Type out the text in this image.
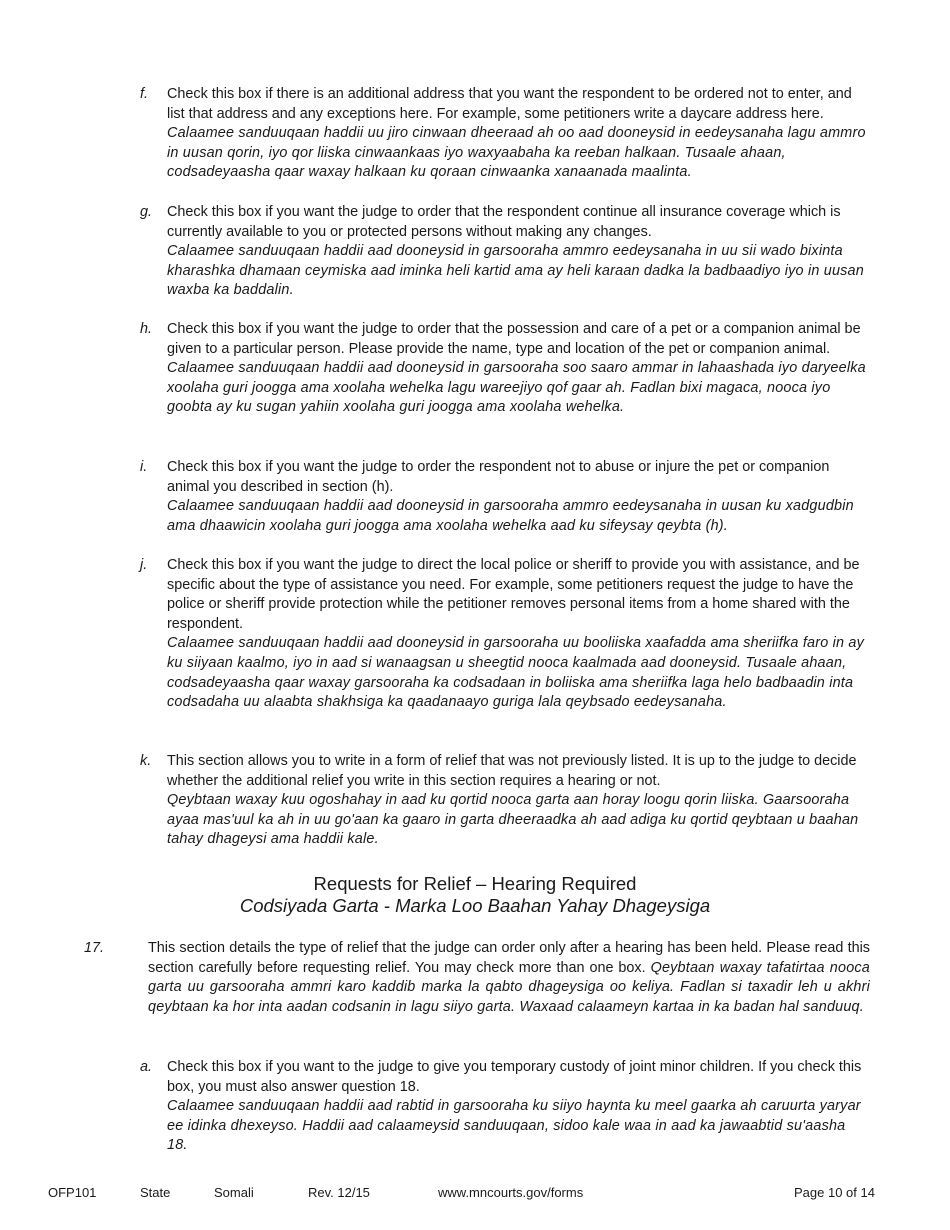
f. Check this box if there is an additional address that you want the respondent to be ordered not to enter, and list that address and any exceptions here. For example, some petitioners write a daycare address here.
Calaamee sanduuqaan haddii uu jiro cinwaan dheeraad ah oo aad dooneysid in eedeysanaha lagu ammro in uusan qorin, iyo qor liiska cinwaankaas iyo waxyaabaha ka reeban halkaan. Tusaale ahaan, codsadeyaasha qaar waxay halkaan ku qoraan cinwaanka xanaanada maalinta.
g. Check this box if you want the judge to order that the respondent continue all insurance coverage which is currently available to you or protected persons without making any changes.
Calaamee sanduuqaan haddii aad dooneysid in garsooraha ammro eedeysanaha in uu sii wado bixinta kharashka dhamaan ceymiska aad iminka heli kartid ama ay heli karaan dadka la badbaadiyo iyo in uusan waxba ka baddalin.
h. Check this box if you want the judge to order that the possession and care of a pet or a companion animal be given to a particular person. Please provide the name, type and location of the pet or companion animal.
Calaamee sanduuqaan haddii aad dooneysid in garsooraha soo saaro ammar in lahaashada iyo daryeelka xoolaha guri joogga ama xoolaha wehelka lagu wareejiyo qof gaar ah. Fadlan bixi magaca, nooca iyo goobta ay ku sugan yahiin xoolaha guri joogga ama xoolaha wehelka.
i. Check this box if you want the judge to order the respondent not to abuse or injure the pet or companion animal you described in section (h).
Calaamee sanduuqaan haddii aad dooneysid in garsooraha ammro eedeysanaha in uusan ku xadgudbin ama dhaawicin xoolaha guri joogga ama xoolaha wehelka aad ku sifeysay qeybta (h).
j. Check this box if you want the judge to direct the local police or sheriff to provide you with assistance, and be specific about the type of assistance you need. For example, some petitioners request the judge to have the police or sheriff provide protection while the petitioner removes personal items from a home shared with the respondent.
Calaamee sanduuqaan haddii aad dooneysid in garsooraha uu booliiska xaafadda ama sheriifka faro in ay ku siiyaan kaalmo, iyo in aad si wanaagsan u sheegtid nooca kaalmada aad dooneysid. Tusaale ahaan, codsadeyaasha qaar waxay garsooraha ka codsadaan in boliiska ama sheriifka laga helo badbaadin inta codsadaha uu alaabta shakhsiga ka qaadanaayo guriga lala qeybsado eedeysanaha.
k. This section allows you to write in a form of relief that was not previously listed. It is up to the judge to decide whether the additional relief you write in this section requires a hearing or not.
Qeybtaan waxay kuu ogoshahay in aad ku qortid nooca garta aan horay loogu qorin liiska. Gaarsooraha ayaa mas'uul ka ah in uu go'aan ka gaaro in garta dheeraadka ah aad adiga ku qortid qeybtaan u baahan tahay dhageysi ama haddii kale.
Requests for Relief – Hearing Required
Codsiyada Garta - Marka Loo Baahan Yahay Dhageysiga
17.	This section details the type of relief that the judge can order only after a hearing has been held. Please read this section carefully before requesting relief. You may check more than one box. Qeybtaan waxay tafatirtaa nooca garta uu garsooraha ammri karo kaddib marka la qabto dhageysiga oo keliya. Fadlan si taxadir leh u akhri qeybtaan ka hor inta aadan codsanin in lagu siiyo garta. Waxaad calaameyn kartaa in ka badan hal sanduuq.
a. Check this box if you want to the judge to give you temporary custody of joint minor children. If you check this box, you must also answer question 18.
Calaamee sanduuqaan haddii aad rabtid in garsooraha ku siiyo haynta ku meel gaarka ah caruurta yaryar ee idinka dhexeyso. Haddii aad calaameysid sanduuqaan, sidoo kale waa in aad ka jawaabtid su'aasha 18.
OFP101	State	Somali	Rev. 12/15	www.mncourts.gov/forms	Page 10 of 14
